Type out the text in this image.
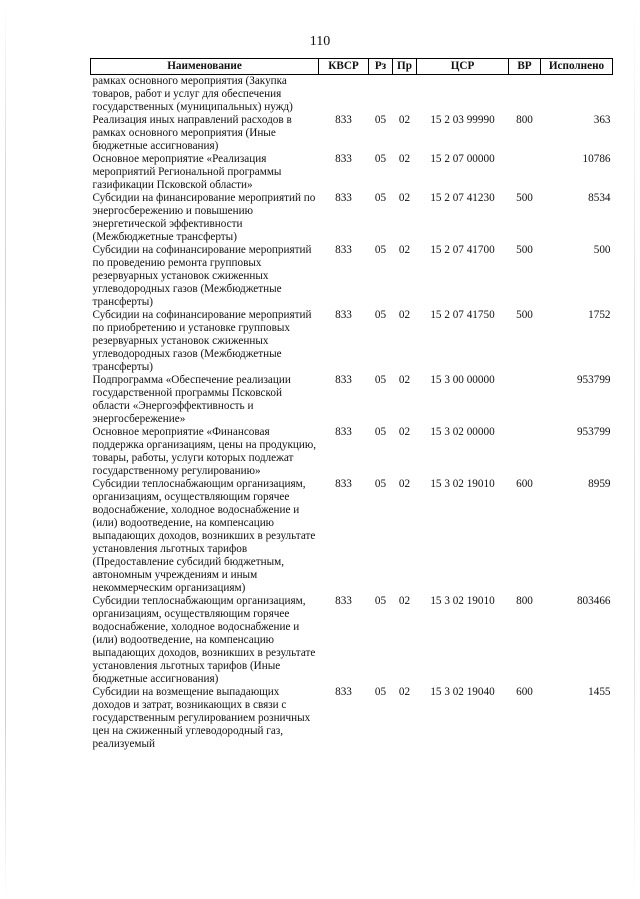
110
Наименование	КВСР	Рз	Пр	ЦСР	ВР	Исполнено
рамках основного мероприятия (Закупка товаров, работ и услуг для обеспечения государственных (муниципальных) нужд)						
Реализация иных направлений расходов в рамках основного мероприятия (Иные бюджетные ассигнования)	833	05	02	15 2 03 99990	800	363
Основное мероприятие «Реализация мероприятий Региональной программы газификации Псковской области»	833	05	02	15 2 07 00000		10786
Субсидии на финансирование мероприятий по энергосбережению и повышению энергетической эффективности (Межбюджетные трансферты)	833	05	02	15 2 07 41230	500	8534
Субсидии на софинансирование мероприятий по проведению ремонта групповых резервуарных установок сжиженных углеводородных газов (Межбюджетные трансферты)	833	05	02	15 2 07 41700	500	500
Субсидии на софинансирование мероприятий по приобретению и установке групповых резервуарных установок сжиженных углеводородных газов (Межбюджетные трансферты)	833	05	02	15 2 07 41750	500	1752
Подпрограмма «Обеспечение реализации государственной программы Псковской области «Энергоэффективность и энергосбережение»	833	05	02	15 3 00 00000		953799
Основное мероприятие «Финансовая поддержка организациям, цены на продукцию, товары, работы, услуги которых подлежат государственному регулированию»	833	05	02	15 3 02 00000		953799
Субсидии теплоснабжающим организациям, организациям, осуществляющим горячее водоснабжение, холодное водоснабжение и (или) водоотведение, на компенсацию выпадающих доходов, возникших в результате установления льготных тарифов (Предоставление субсидий бюджетным, автономным учреждениям и иным некоммерческим организациям)	833	05	02	15 3 02 19010	600	8959
Субсидии теплоснабжающим организациям, организациям, осуществляющим горячее водоснабжение, холодное водоснабжение и (или) водоотведение, на компенсацию выпадающих доходов, возникших в результате установления льготных тарифов (Иные бюджетные ассигнования)	833	05	02	15 3 02 19010	800	803466
Субсидии на возмещение выпадающих доходов и затрат, возникающих в связи с государственным регулированием розничных цен на сжиженный углеводородный газ, реализуемый	833	05	02	15 3 02 19040	600	1455
